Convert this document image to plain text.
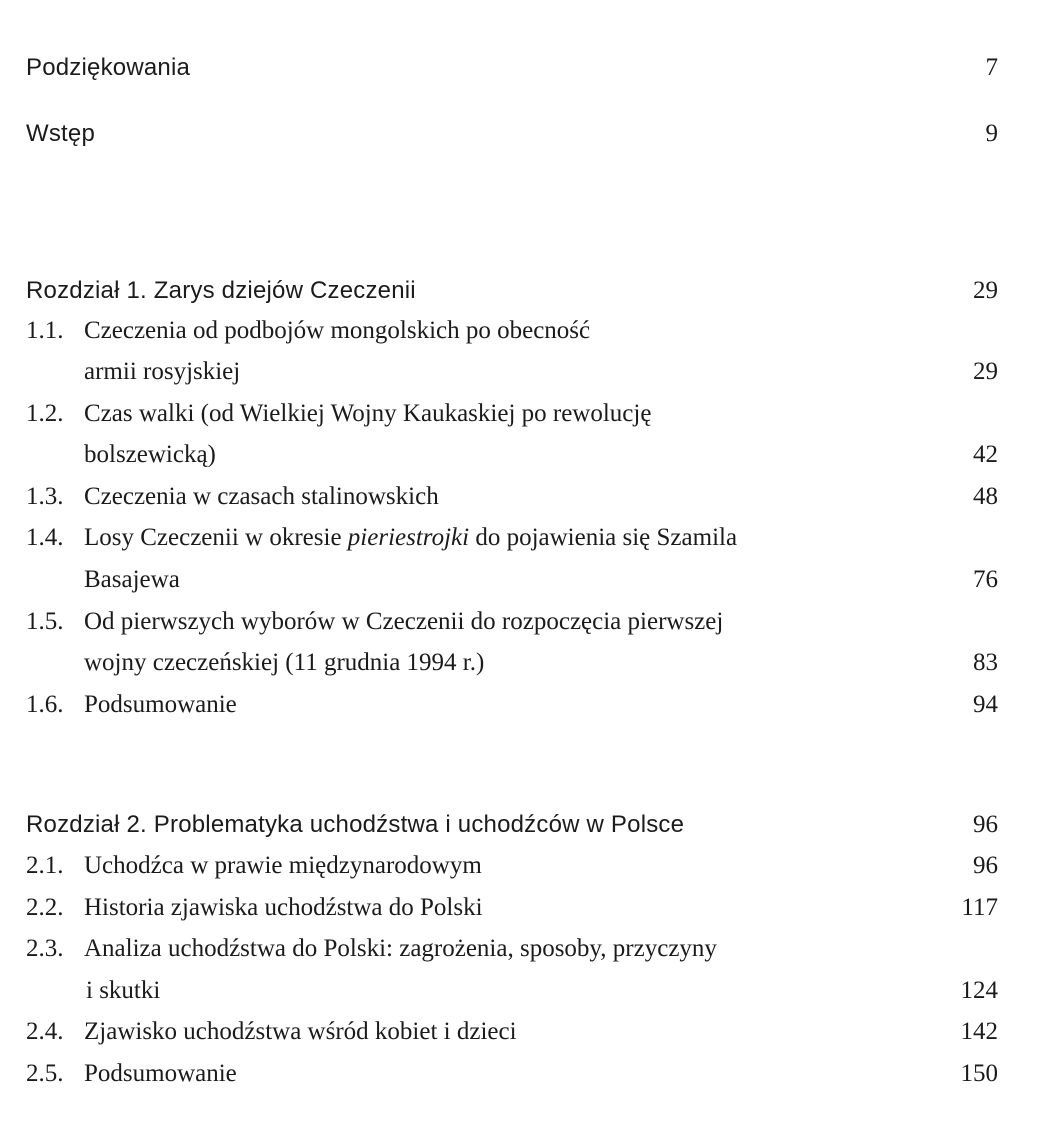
Podziękowania	7
Wstęp	9
Rozdział 1. Zarys dziejów Czeczenii	29
1.1. Czeczenia od podbojów mongolskich po obecność
armii rosyjskiej	29
1.2. Czas walki (od Wielkiej Wojny Kaukaskiej po rewolucję
bolszewicką)	42
1.3. Czeczenia w czasach stalinowskich	48
1.4. Losy Czeczenii w okresie pieriestrojki do pojawienia się Szamila
Basajewa	76
1.5. Od pierwszych wyborów w Czeczenii do rozpoczęcia pierwszej
wojny czeczeńskiej (11 grudnia 1994 r.)	83
1.6. Podsumowanie	94
Rozdział 2. Problematyka uchodźstwa i uchodźców w Polsce	96
2.1. Uchodźca w prawie międzynarodowym	96
2.2. Historia zjawiska uchodźstwa do Polski	117
2.3. Analiza uchodźstwa do Polski: zagrożenia, sposoby, przyczyny
i skutki	124
2.4. Zjawisko uchodźstwa wśród kobiet i dzieci	142
2.5. Podsumowanie	150
